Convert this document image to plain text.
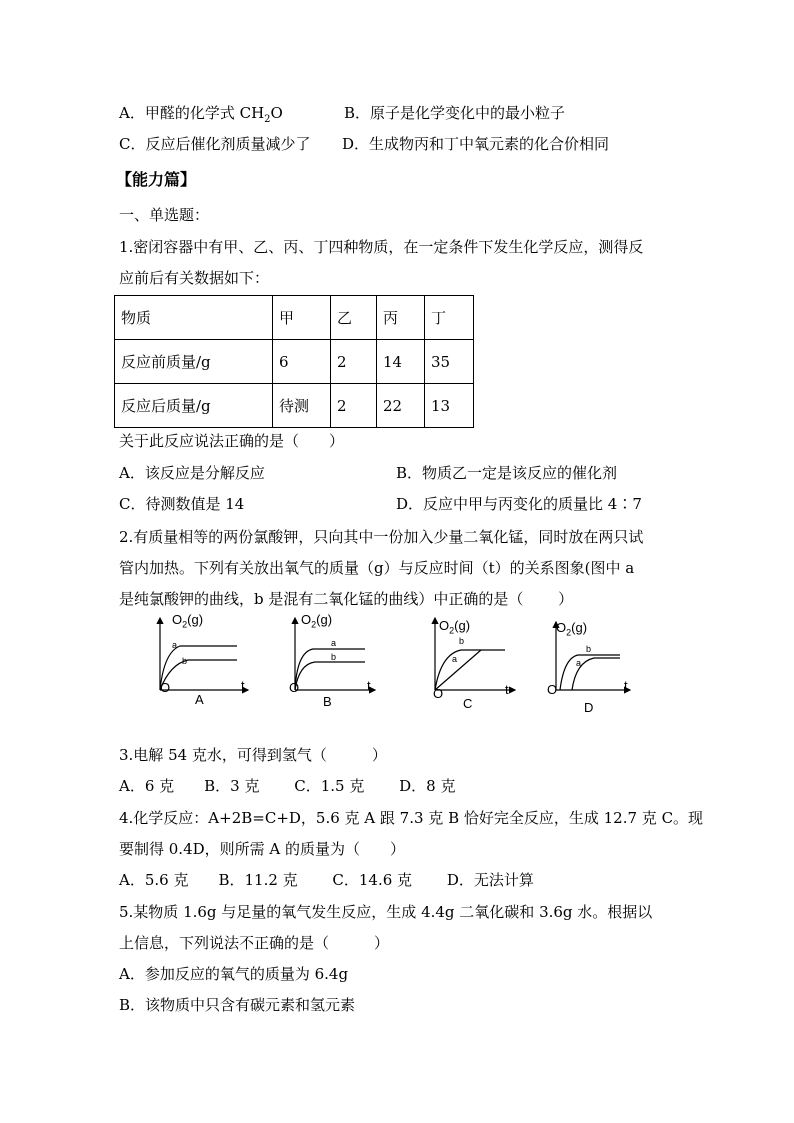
A．甲醛的化学式 $CH_2O$	B．原子是化学变化中的最小粒子
C．反应后催化剂质量减少了 D．生成物丙和丁中氧元素的化合价相同
【能力篇】
一、单选题：
1.密闭容器中有甲、乙、丙、丁四种物质，在一定条件下发生化学反应，测得反
应前后有关数据如下：
物质	甲	乙	丙	丁
反应前质量/g	6	2	14	35
反应后质量/g	待测	2	22	13
关于此反应说法正确的是（　　）
A．该反应是分解反应	B．物质乙一定是该反应的催化剂
C．待测数值是 14	D．反应中甲与丙变化的质量比 4∶7
2.有质量相等的两份氯酸钾，只向其中一份加入少量二氧化锰，同时放在两只试
管内加热。下列有关放出氧气的质量（g）与反应时间（t）的关系图象(图中 a
是纯氯酸钾的曲线，b 是混有二氧化锰的曲线）中正确的是（　　 ）
$O_2(g)$
a
b
O	t
A
$O_2(g)$
a
b
O	t
B
$O_2(g)$
b
a
O	t
C
$O_2(g)$
b
a
O	t
D
3.电解 54 克水，可得到氢气（　　　）
A．6 克　　B．3 克　　 C．1.5 克　　 D．8 克
4.化学反应：A+2B=C+D，5.6 克 A 跟 7.3 克 B 恰好完全反应，生成 12.7 克 C。现
要制得 0.4D，则所需 A 的质量为（　　）
A．5.6 克　　B．11.2 克　　 C．14.6 克　　 D．无法计算
5.某物质 1.6g 与足量的氧气发生反应，生成 4.4g 二氧化碳和 3.6g 水。根据以
上信息，下列说法不正确的是（　　　）
A．参加反应的氧气的质量为 6.4g
B．该物质中只含有碳元素和氢元素
